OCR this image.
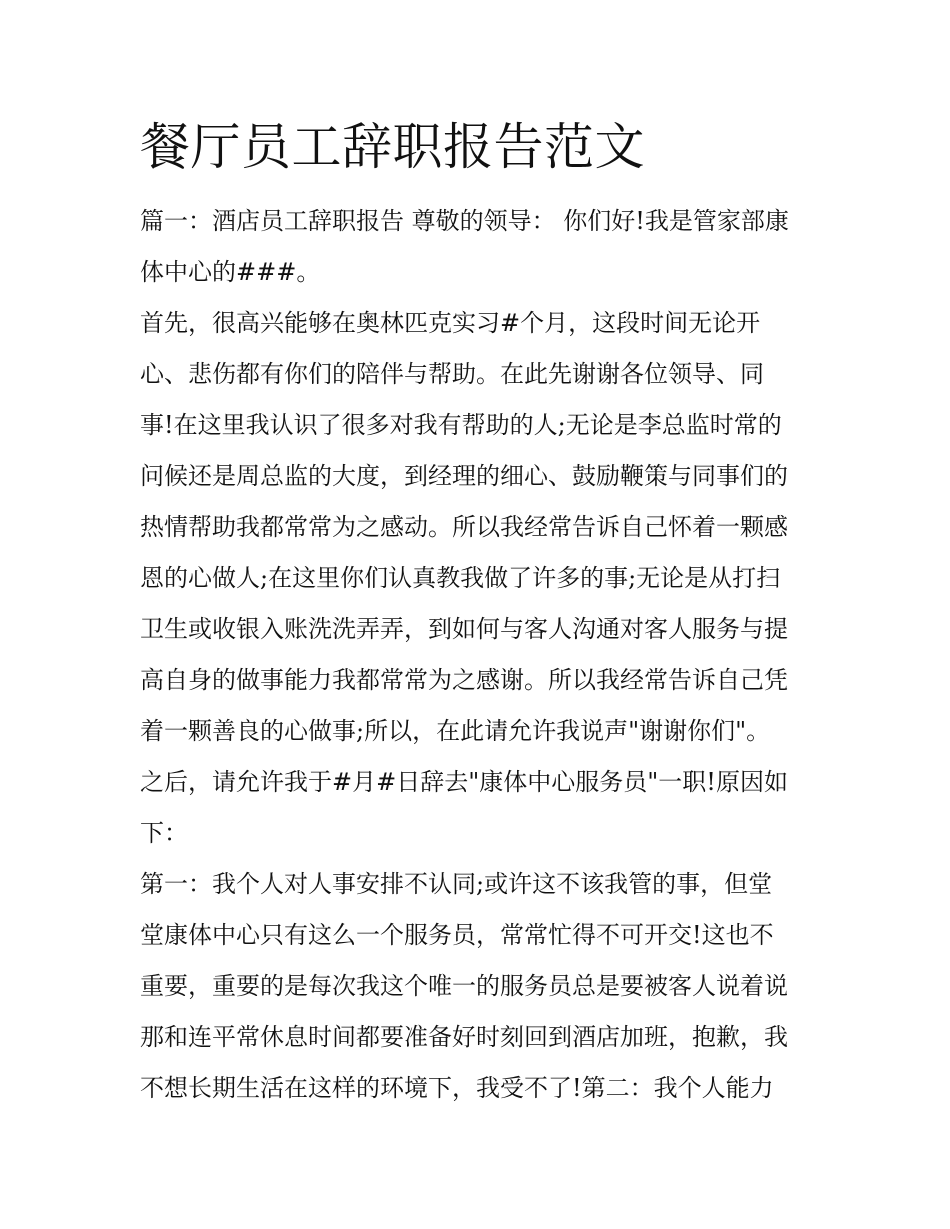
餐厅员工辞职报告范文
篇一：酒店员工辞职报告 尊敬的领导： 你们好!我是管家部康
体中心的###。
首先，很高兴能够在奥林匹克实习#个月，这段时间无论开
心、悲伤都有你们的陪伴与帮助。在此先谢谢各位领导、同
事!在这里我认识了很多对我有帮助的人;无论是李总监时常的
问候还是周总监的大度，到经理的细心、鼓励鞭策与同事们的
热情帮助我都常常为之感动。所以我经常告诉自己怀着一颗感
恩的心做人;在这里你们认真教我做了许多的事;无论是从打扫
卫生或收银入账洗洗弄弄，到如何与客人沟通对客人服务与提
高自身的做事能力我都常常为之感谢。所以我经常告诉自己凭
着一颗善良的心做事;所以，在此请允许我说声"谢谢你们"。
之后，请允许我于#月#日辞去"康体中心服务员"一职!原因如
下：
第一：我个人对人事安排不认同;或许这不该我管的事，但堂
堂康体中心只有这么一个服务员，常常忙得不可开交!这也不
重要，重要的是每次我这个唯一的服务员总是要被客人说着说
那和连平常休息时间都要准备好时刻回到酒店加班，抱歉，我
不想长期生活在这样的环境下，我受不了!第二：我个人能力
